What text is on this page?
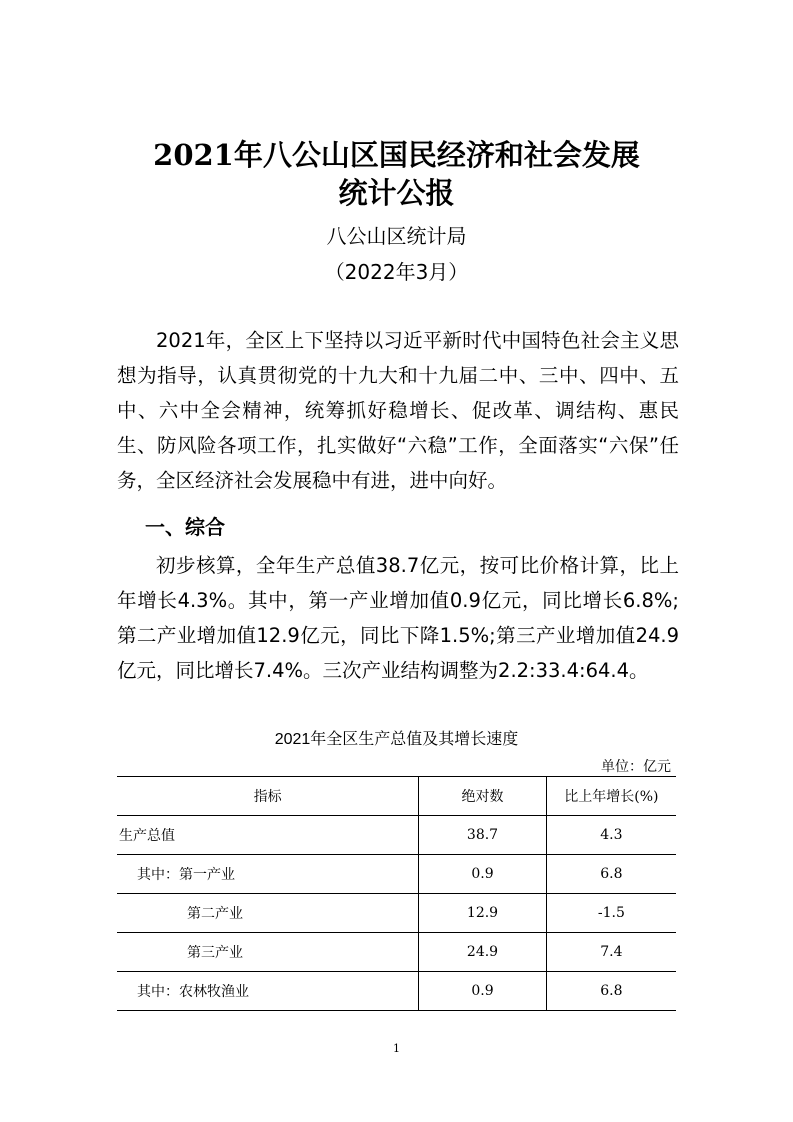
2021年八公山区国民经济和社会发展
统计公报
八公山区统计局
（2022年3月）

2021年，全区上下坚持以习近平新时代中国特色社会主义思想为指导，认真贯彻党的十九大和十九届二中、三中、四中、五中、六中全会精神，统筹抓好稳增长、促改革、调结构、惠民生、防风险各项工作，扎实做好“六稳”工作，全面落实“六保”任务，全区经济社会发展稳中有进，进中向好。

一、综合

初步核算，全年生产总值38.7亿元，按可比价格计算，比上年增长4.3%。其中，第一产业增加值0.9亿元，同比增长6.8%;第二产业增加值12.9亿元，同比下降1.5%;第三产业增加值24.9亿元，同比增长7.4%。三次产业结构调整为2.2:33.4:64.4。

2021年全区生产总值及其增长速度
单位：亿元
指标	绝对数	比上年增长(%)
生产总值	38.7	4.3
其中：第一产业	0.9	6.8
第二产业	12.9	-1.5
第三产业	24.9	7.4
其中：农林牧渔业	0.9	6.8
1
